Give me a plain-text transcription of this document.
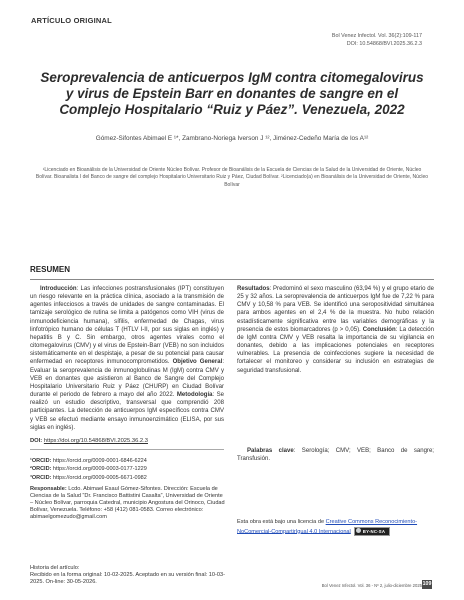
ARTÍCULO ORIGINAL
Bol Venez Infectol. Vol. 36(2):109-117
DOI: 10.54868/BVI.2025.36.2.3
Seroprevalencia de anticuerpos IgM contra citomegalovirus y virus de Epstein Barr en donantes de sangre en el Complejo Hospitalario “Ruiz y Páez”. Venezuela, 2022
Gómez-Sifontes Abimael E ¹*, Zambrano-Noriega Iverson J ¹², Jiménez-Cedeño María de los A¹²
¹Licenciado en Bioanálisis de la Universidad de Oriente Núcleo Bolívar. Profesor de Bioanálisis de la Escuela de Ciencias de la Salud de la Universidad de Oriente, Núcleo Bolívar. Bioanalista I del Banco de sangre del complejo Hospitalario Universitario Ruiz y Páez, Ciudad Bolívar. ²Licenciado(a) en Bioanálisis de la Universidad de Oriente, Núcleo Bolívar
RESUMEN
Introducción: Las infecciones postransfusionales (IPT) constituyen un riesgo relevante en la práctica clínica, asociado a la transmisión de agentes infecciosos a través de unidades de sangre contaminadas. El tamizaje serológico de rutina se limita a patógenos como VIH (virus de inmunodeficiencia humana), sífilis, enfermedad de Chagas, virus linfotrópico humano de células T (HTLV I-II, por sus siglas en inglés) y hepatitis B y C. Sin embargo, otros agentes virales como el citomegalovirus (CMV) y el virus de Epstein-Barr (VEB) no son incluidos sistemáticamente en el despistaje, a pesar de su potencial para causar enfermedad en receptores inmunocomprometidos. Objetivo General: Evaluar la seroprevalencia de inmunoglobulinas M (IgM) contra CMV y VEB en donantes que asistieron al Banco de Sangre del Complejo Hospitalario Universitario Ruiz y Páez (CHURP) en Ciudad Bolívar durante el periodo de febrero a mayo del año 2022. Metodología: Se realizó un estudio descriptivo, transversal que comprendió 208 participantes. La detección de anticuerpos IgM específicos contra CMV y VEB se efectuó mediante ensayo inmunoenzimático (ELISA, por sus siglas en inglés).
Resultados: Predominó el sexo masculino (63,94 %) y el grupo etario de 25 y 32 años. La seroprevalencia de anticuerpos IgM fue de 7,22 % para CMV y 10,58 % para VEB. Se identificó una seropositividad simultánea para ambos agentes en el 2,4 % de la muestra. No hubo relación estadísticamente significativa entre las variables demográficas y la presencia de estos biomarcadores (p > 0,05). Conclusión: La detección de IgM contra CMV y VEB resalta la importancia de su vigilancia en donantes, debido a las implicaciones potenciales en receptores vulnerables. La presencia de coinfecciones sugiere la necesidad de fortalecer el monitoreo y considerar su inclusión en estrategias de seguridad transfusional.
Palabras clave: Serología; CMV; VEB; Banco de sangre; Transfusión.
DOI: https://doi.org/10.54868/BVI.2025.36.2.3
¹ORCID: https://orcid.org/0009-0001-6846-6224
²ORCID: https://orcid.org/0009-0003-0177-1229
³ORCID: https://orcid.org/0009-0005-6671-0982
Responsable: Lcdo. Abimael Esaul Gómez-Sifontes. Dirección: Escuela de Ciencias de la Salud “Dr. Francisco Battistini Casalta”, Universidad de Oriente – Núcleo Bolívar, parroquia Catedral, municipio Angostura del Orinoco, Ciudad Bolívar, Venezuela. Teléfono: +58 (412) 081-0583. Correo electrónico: abimaelgomezudo@gmail.com
Historia del artículo:
Recibido en la forma original: 10-02-2025. Aceptado en su versión final: 10-03-2025. On-line: 30-05-2026.
Esta obra está bajo una licencia de Creative Commons Reconocimiento-NoComercial-CompartirIgual 4.0 Internacional	BY-NC-SA
Bol Venez Infectol. Vol. 36 - Nº 2, julio-diciembre 2025 109
